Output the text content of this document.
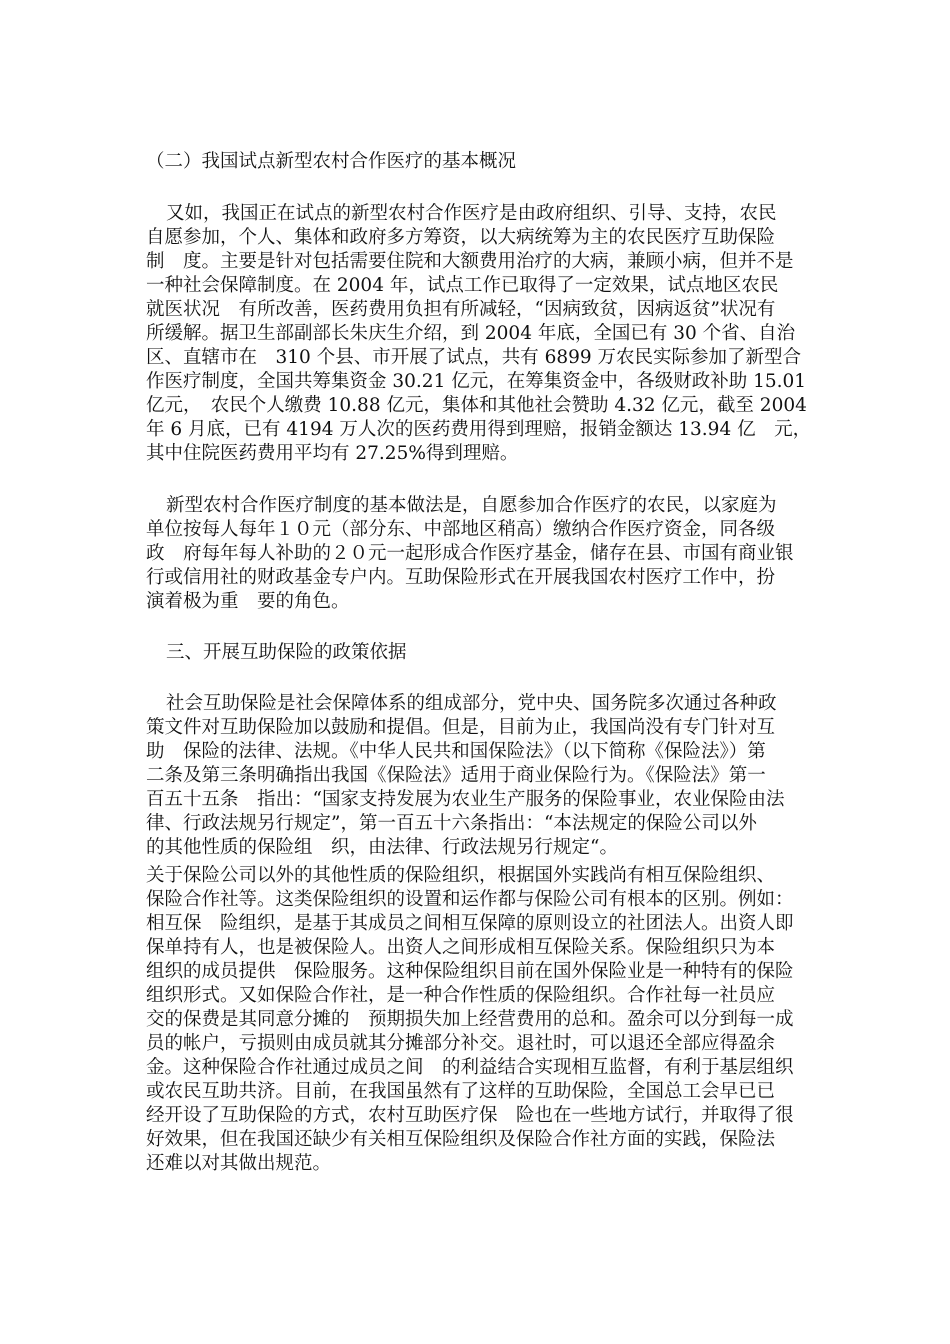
（二）我国试点新型农村合作医疗的基本概况

又如，我国正在试点的新型农村合作医疗是由政府组织、引导、支持，农民

自愿参加，个人、集体和政府多方筹资，以大病统筹为主的农民医疗互助保险

制　度。主要是针对包括需要住院和大额费用治疗的大病，兼顾小病，但并不是

一种社会保障制度。在 2004 年，试点工作已取得了一定效果，试点地区农民

就医状况　有所改善，医药费用负担有所减轻，“因病致贫，因病返贫”状况有

所缓解。据卫生部副部长朱庆生介绍，到 2004 年底，全国已有 30 个省、自治

区、直辖市在　310 个县、市开展了试点，共有 6899 万农民实际参加了新型合

作医疗制度，全国共筹集资金 30.21 亿元，在筹集资金中，各级财政补助 15.01

亿元，　农民个人缴费 10.88 亿元，集体和其他社会赞助 4.32 亿元，截至 2004

年 6 月底，已有 4194 万人次的医药费用得到理赔，报销金额达 13.94 亿　元，

其中住院医药费用平均有 27.25%得到理赔。

新型农村合作医疗制度的基本做法是，自愿参加合作医疗的农民，以家庭为

单位按每人每年１０元（部分东、中部地区稍高）缴纳合作医疗资金，同各级

政　府每年每人补助的２０元一起形成合作医疗基金，储存在县、市国有商业银

行或信用社的财政基金专户内。互助保险形式在开展我国农村医疗工作中，扮

演着极为重　要的角色。

三、开展互助保险的政策依据

社会互助保险是社会保障体系的组成部分，党中央、国务院多次通过各种政

策文件对互助保险加以鼓励和提倡。但是，目前为止，我国尚没有专门针对互

助　保险的法律、法规。《中华人民共和国保险法》（以下简称《保险法》）第

二条及第三条明确指出我国《保险法》适用于商业保险行为。《保险法》第一

百五十五条　指出：“国家支持发展为农业生产服务的保险事业，农业保险由法

律、行政法规另行规定”，第一百五十六条指出：“本法规定的保险公司以外

的其他性质的保险组　织，由法律、行政法规另行规定“。

关于保险公司以外的其他性质的保险组织，根据国外实践尚有相互保险组织、

保险合作社等。这类保险组织的设置和运作都与保险公司有根本的区别。例如：

相互保　险组织，是基于其成员之间相互保障的原则设立的社团法人。出资人即

保单持有人，也是被保险人。出资人之间形成相互保险关系。保险组织只为本

组织的成员提供　保险服务。这种保险组织目前在国外保险业是一种特有的保险

组织形式。又如保险合作社，是一种合作性质的保险组织。合作社每一社员应

交的保费是其同意分摊的　预期损失加上经营费用的总和。盈余可以分到每一成

员的帐户，亏损则由成员就其分摊部分补交。退社时，可以退还全部应得盈余

金。这种保险合作社通过成员之间　的利益结合实现相互监督，有利于基层组织

或农民互助共济。目前，在我国虽然有了这样的互助保险，全国总工会早已已

经开设了互助保险的方式，农村互助医疗保　险也在一些地方试行，并取得了很

好效果，但在我国还缺少有关相互保险组织及保险合作社方面的实践，保险法

还难以对其做出规范。
